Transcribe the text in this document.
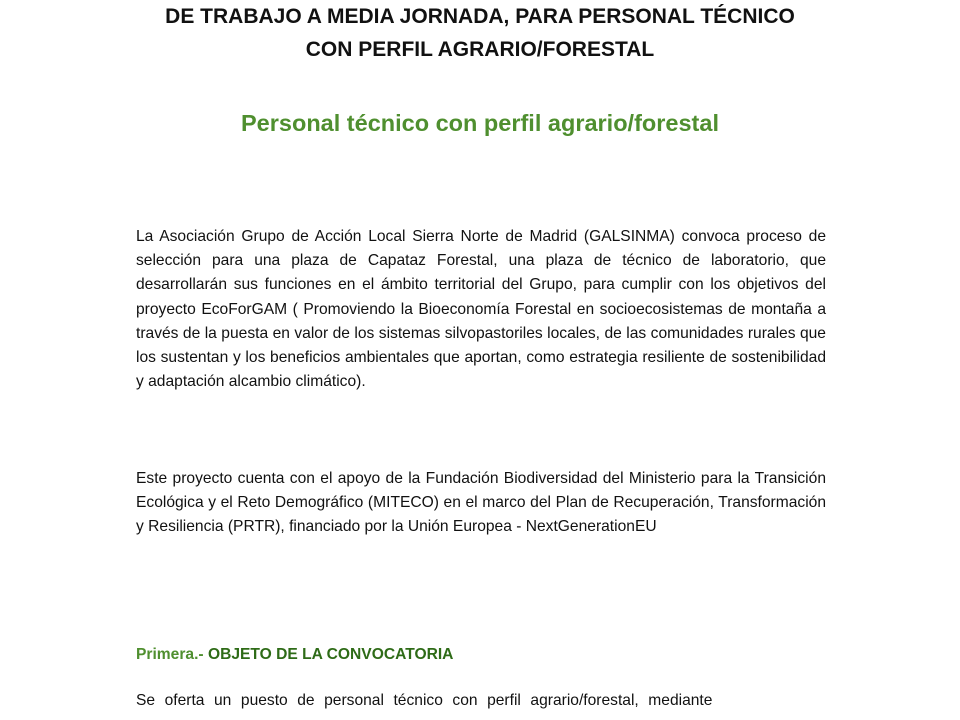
DE TRABAJO A MEDIA JORNADA, PARA PERSONAL TÉCNICO
CON PERFIL AGRARIO/FORESTAL
Personal técnico con perfil agrario/forestal

La Asociación Grupo de Acción Local Sierra Norte de Madrid (GALSINMA) convoca proceso de selección para una plaza de Capataz Forestal, una plaza de técnico de laboratorio, que desarrollarán sus funciones en el ámbito territorial del Grupo, para cumplir con los objetivos del proyecto EcoForGAM ( Promoviendo la Bioeconomía Forestal en socioecosistemas de montaña a través de la puesta en valor de los sistemas silvopastoriles locales, de las comunidades rurales que los sustentan y los beneficios ambientales que aportan, como estrategia resiliente de sostenibilidad y adaptación alcambio climático).

Este proyecto cuenta con el apoyo de la Fundación Biodiversidad del Ministerio para la Transición Ecológica y el Reto Demográfico (MITECO) en el marco del Plan de Recuperación, Transformación y Resiliencia (PRTR), financiado por la Unión Europea - NextGenerationEU

Primera.- OBJETO DE LA CONVOCATORIA

Se oferta un puesto de personal técnico con perfil agrario/forestal, mediante
